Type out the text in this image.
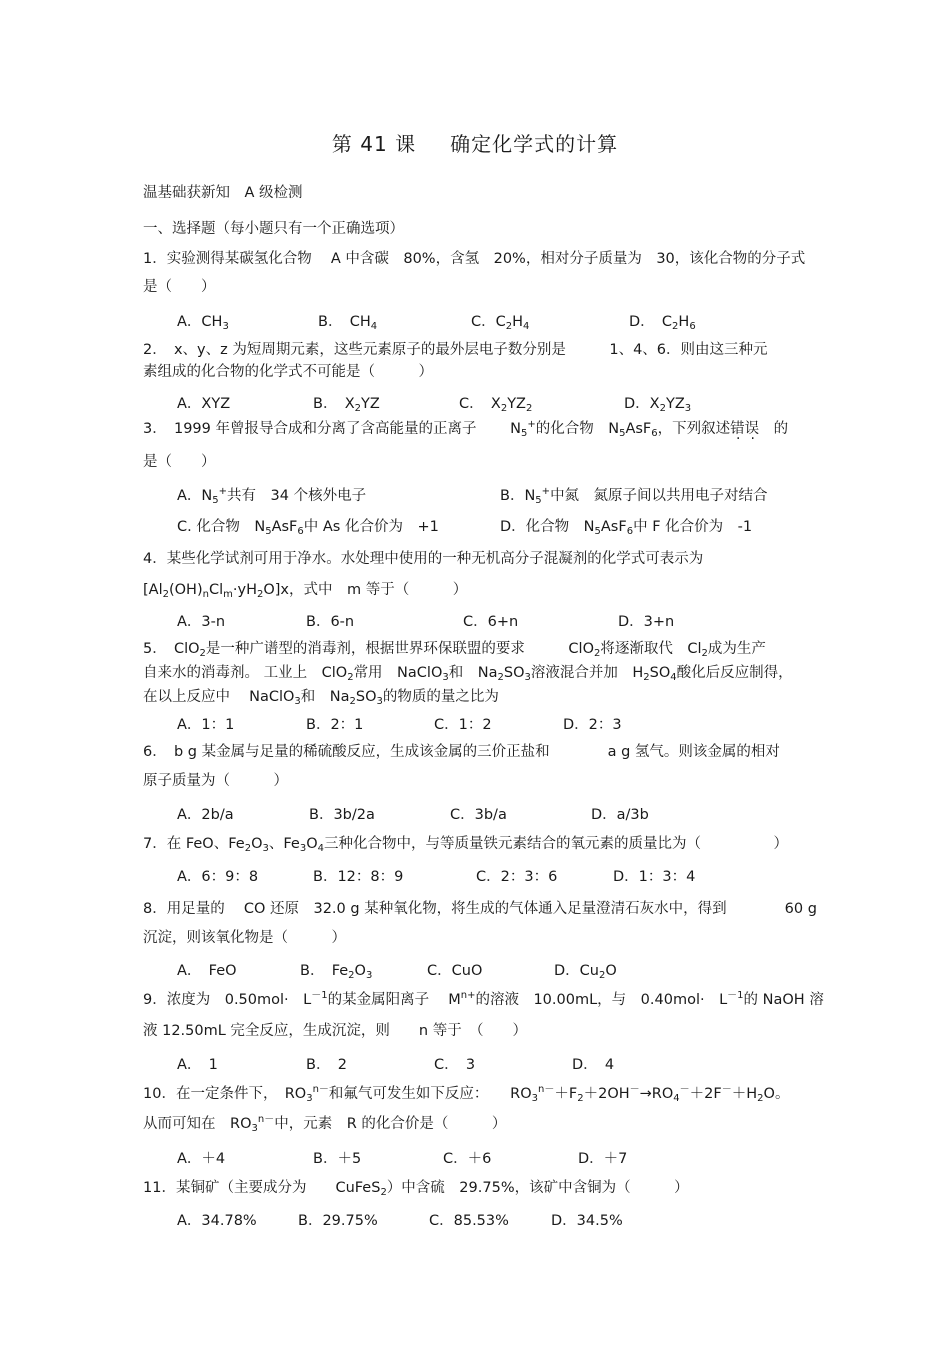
第 41 课 确定化学式的计算
温基础获新知　A 级检测
一、选择题（每小题只有一个正确选项）
1．实验测得某碳氢化合物　 A 中含碳　80%，含氢　20%，相对分子质量为　30，该化合物的分子式
是（　　）
A．$CH_3$	B．　$CH_4$	C．$C_2H_4$	D．　$C_2H_6$
2．　x、y、z 为短周期元素，这些元素原子的最外层电子数分别是　　　1、4、6．则由这三种元
素组成的化合物的化学式不可能是（　　　）
A．XYZ	B．　$X_2YZ$	C．　$X_2YZ_2$	D．$X_2YZ_3$
3．　1999 年曾报导合成和分离了含高能量的正离子　　 $N_5^+$的化合物　$N_5AsF_6$，下列叙述错误　的
是（　　）
A．$N_5^+$共有　34 个核外电子	B．$N_5^+$中氮　氮原子间以共用电子对结合
C. 化合物　$N_5AsF_6$中 As 化合价为　+1	D．化合物　$N_5AsF_6$中 F 化合价为　-1
4．某些化学试剂可用于净水。水处理中使用的一种无机高分子混凝剂的化学式可表示为
$[Al_2(OH)_nCl_m\cdot yH_2O]x$，式中　m 等于（　　　）
A．3-n	B．6-n	C．6+n	D．3+n
5．　ClO$_2$是一种广谱型的消毒剂，根据世界环保联盟的要求　　　ClO$_2$将逐渐取代　$Cl_2$成为生产
自来水的消毒剂。 工业上　ClO$_2$常用　NaClO$_3$和　$Na_2SO_3$溶液混合并加　$H_2SO_4$酸化后反应制得，
在以上反应中　 NaClO$_3$和　$Na_2SO_3$的物质的量之比为
A．1：1	B．2：1	C．1：2	D．2：3
6．　b g 某金属与足量的稀硫酸反应，生成该金属的三价正盐和　　　　a g 氢气。则该金属的相对
原子质量为（　　　）
A．2b/a	B．3b/2a	C．3b/a	D．a/3b
7．在 FeO、$Fe_2O_3$、$Fe_3O_4$三种化合物中，与等质量铁元素结合的氧元素的质量比为（　　　　　）
A．6：9：8	B．12：8：9	C．2：3：6	D．1：3：4
8．用足量的　 CO 还原　32.0 g 某种氧化物，将生成的气体通入足量澄清石灰水中，得到　　　　60 g
沉淀，则该氧化物是（　　　）
A．　FeO	B．　$Fe_2O_3$	C．CuO	D．$Cu_2O$
9．浓度为　0.50mol·　$L^{-1}$的某金属阳离子　 $M^{n+}$的溶液　10.00mL，与　0.40mol·　$L^{-1}$的 NaOH 溶
液 12.50mL 完全反应，生成沉淀，则　　n 等于　（　　）
A．　1	B．　2	C．　3	D．　4
10．在一定条件下，　$RO_3^{n-}$和氟气可发生如下反应：　　$RO_3^{n-}+F_2+2OH^-\to RO_4^-+2F^-+H_2O$。
从而可知在　$RO_3^{n-}$中，元素　R 的化合价是（　　　）
A．＋4	B．＋5	C．＋6	D．＋7
11．某铜矿（主要成分为　　CuFeS$_2$）中含硫　29.75%，该矿中含铜为（　　　）
A．34.78%	B．29.75%	C．85.53%	D．34.5%
